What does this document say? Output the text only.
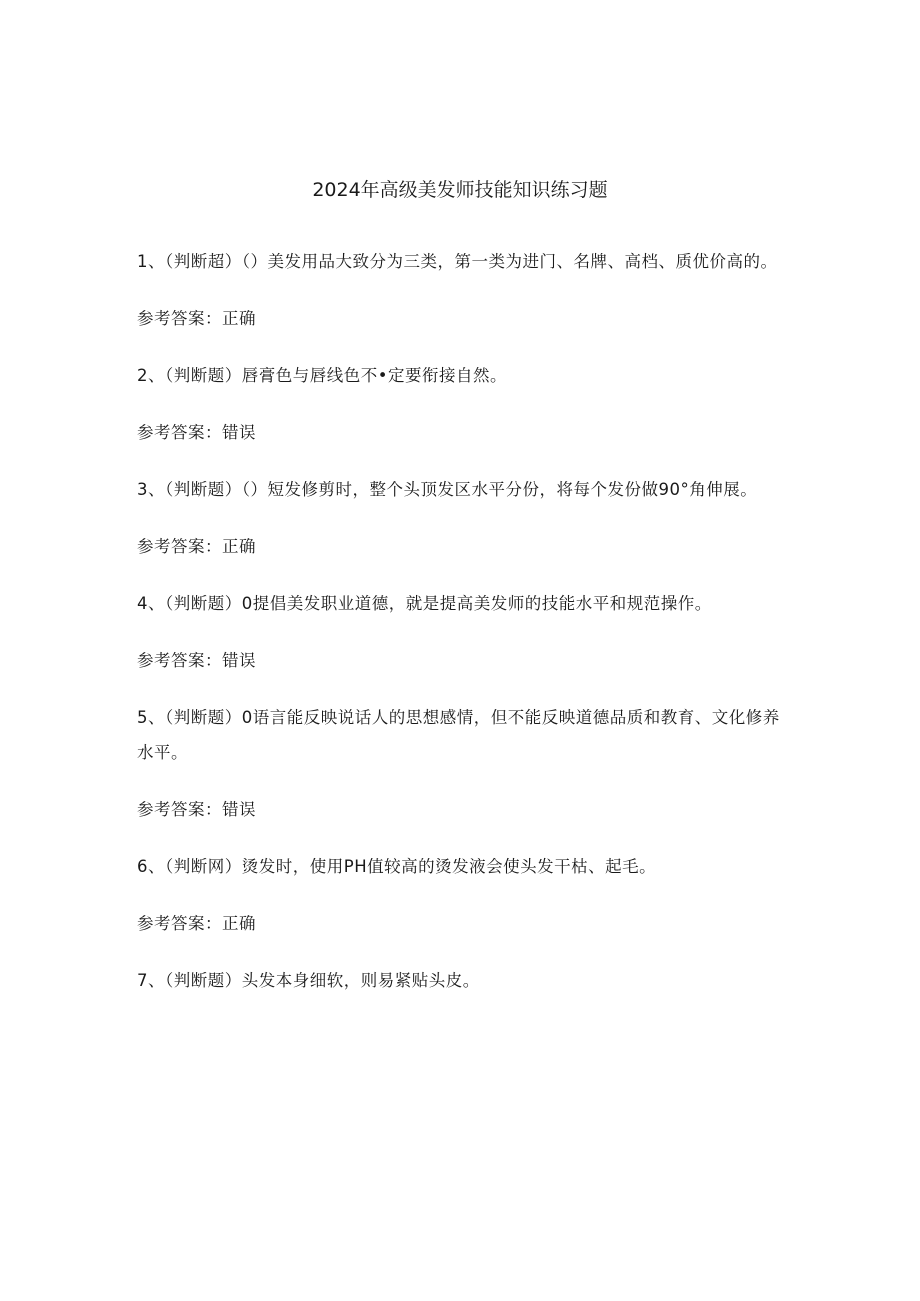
2024年高级美发师技能知识练习题

1、（判断超）（）美发用品大致分为三类，第一类为进门、名牌、高档、质优价高的。

参考答案：正确

2、（判断题）唇膏色与唇线色不•定要衔接自然。

参考答案：错误

3、（判断题）（）短发修剪时，整个头顶发区水平分份，将每个发份做90°角伸展。

参考答案：正确

4、（判断题）0提倡美发职业道德，就是提高美发师的技能水平和规范操作。

参考答案：错误

5、（判断题）0语言能反映说话人的思想感情，但不能反映道德品质和教育、文化修养水平。

参考答案：错误

6、（判断网）烫发时，使用PH值较高的烫发液会使头发干枯、起毛。

参考答案：正确

7、（判断题）头发本身细软，则易紧贴头皮。
